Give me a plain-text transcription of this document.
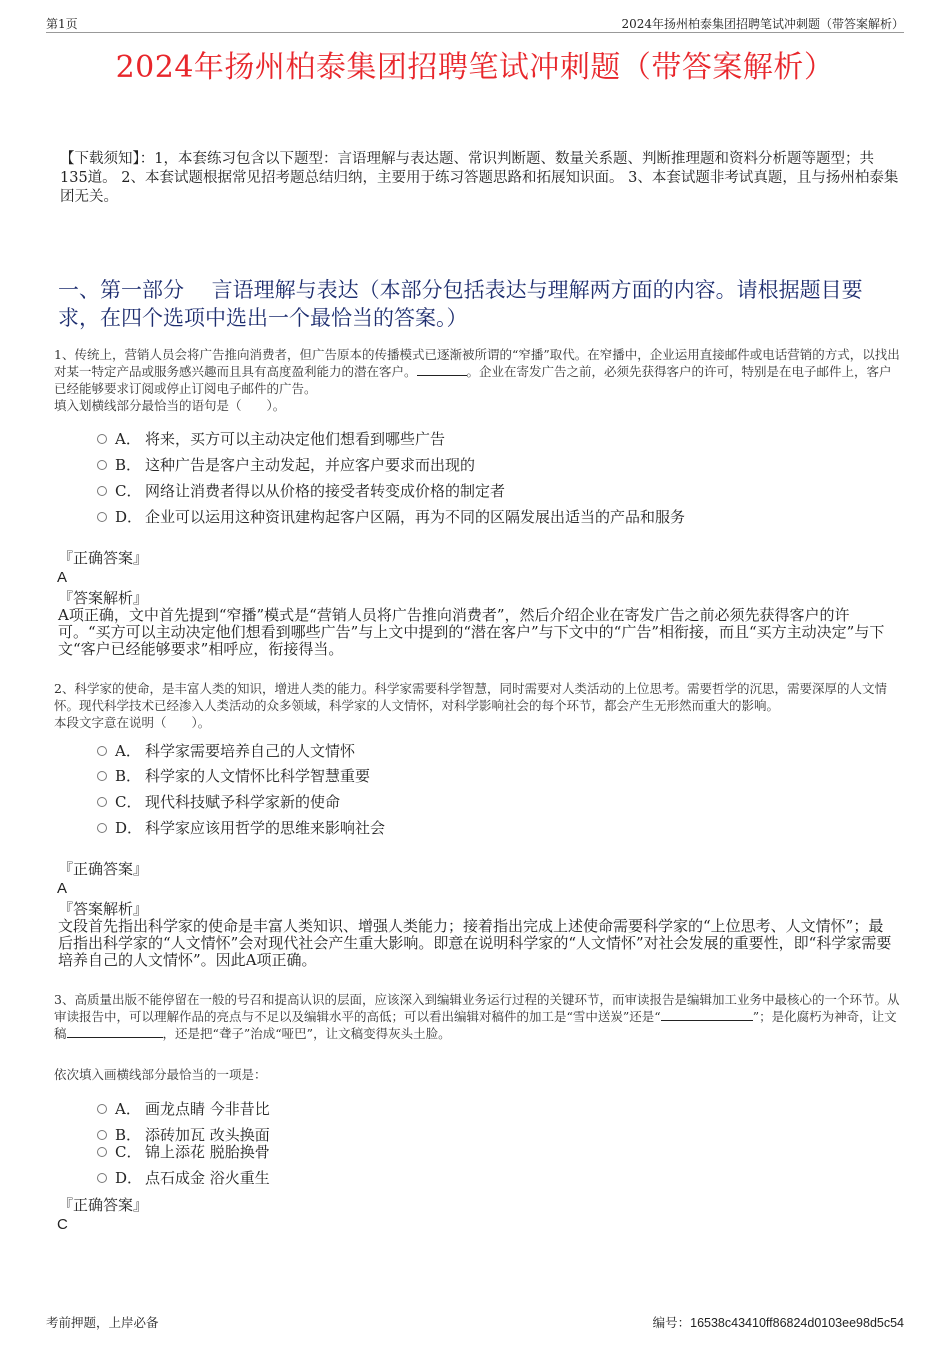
第1页	2024年扬州柏泰集团招聘笔试冲刺题（带答案解析）
2024年扬州柏泰集团招聘笔试冲刺题（带答案解析）
【下载须知】：1，本套练习包含以下题型：言语理解与表达题、常识判断题、数量关系题、判断推理题和资料分析题等题型；共135道。 2、本套试题根据常见招考题总结归纳，主要用于练习答题思路和拓展知识面。 3、本套试题非考试真题，且与扬州柏泰集团无关。
一、第一部分　 言语理解与表达（本部分包括表达与理解两方面的内容。请根据题目要求，在四个选项中选出一个最恰当的答案。）

1、传统上，营销人员会将广告推向消费者，但广告原本的传播模式已逐渐被所谓的“窄播”取代。在窄播中，企业运用直接邮件或电话营销的方式，以找出对某一特定产品或服务感兴趣而且具有高度盈利能力的潜在客户。	。企业在寄发广告之前，必须先获得客户的许可，特别是在电子邮件上，客户已经能够要求订阅或停止订阅电子邮件的广告。

填入划横线部分最恰当的语句是（　　）。

A． 将来，买方可以主动决定他们想看到哪些广告
B． 这种广告是客户主动发起，并应客户要求而出现的
C． 网络让消费者得以从价格的接受者转变成价格的制定者
D． 企业可以运用这种资讯建构起客户区隔，再为不同的区隔发展出适当的产品和服务
『正确答案』
A
『答案解析』
A项正确，文中首先提到“窄播”模式是“营销人员将广告推向消费者”，然后介绍企业在寄发广告之前必须先获得客户的许可。“买方可以主动决定他们想看到哪些广告”与上文中提到的“潜在客户”与下文中的“广告”相衔接，而且“买方主动决定”与下文“客户已经能够要求”相呼应，衔接得当。

2、科学家的使命，是丰富人类的知识，增进人类的能力。科学家需要科学智慧，同时需要对人类活动的上位思考。需要哲学的沉思，需要深厚的人文情怀。现代科学技术已经渗入人类活动的众多领域，科学家的人文情怀，对科学影响社会的每个环节，都会产生无形然而重大的影响。

本段文字意在说明（　　）。

A． 科学家需要培养自己的人文情怀
B． 科学家的人文情怀比科学智慧重要
C． 现代科技赋予科学家新的使命
D． 科学家应该用哲学的思维来影响社会
『正确答案』
A
『答案解析』
文段首先指出科学家的使命是丰富人类知识、增强人类能力；接着指出完成上述使命需要科学家的“上位思考、人文情怀”；最后指出科学家的“人文情怀”会对现代社会产生重大影响。即意在说明科学家的“人文情怀”对社会发展的重要性，即“科学家需要培养自己的人文情怀”。因此A项正确。

3、高质量出版不能停留在一般的号召和提高认识的层面，应该深入到编辑业务运行过程的关键环节，而审读报告是编辑加工业务中最核心的一个环节。从审读报告中，可以理解作品的亮点与不足以及编辑水平的高低；可以看出编辑对稿件的加工是“雪中送炭”还是“	”；是化腐朽为神奇，让文稿	，还是把“聋子”治成“哑巴”，让文稿变得灰头土脸。

依次填入画横线部分最恰当的一项是：
A． 画龙点睛 今非昔比
B． 添砖加瓦 改头换面
C． 锦上添花 脱胎换骨
D． 点石成金 浴火重生
『正确答案』
C
考前押题，上岸必备	编号：16538c43410ff86824d0103ee98d5c54
